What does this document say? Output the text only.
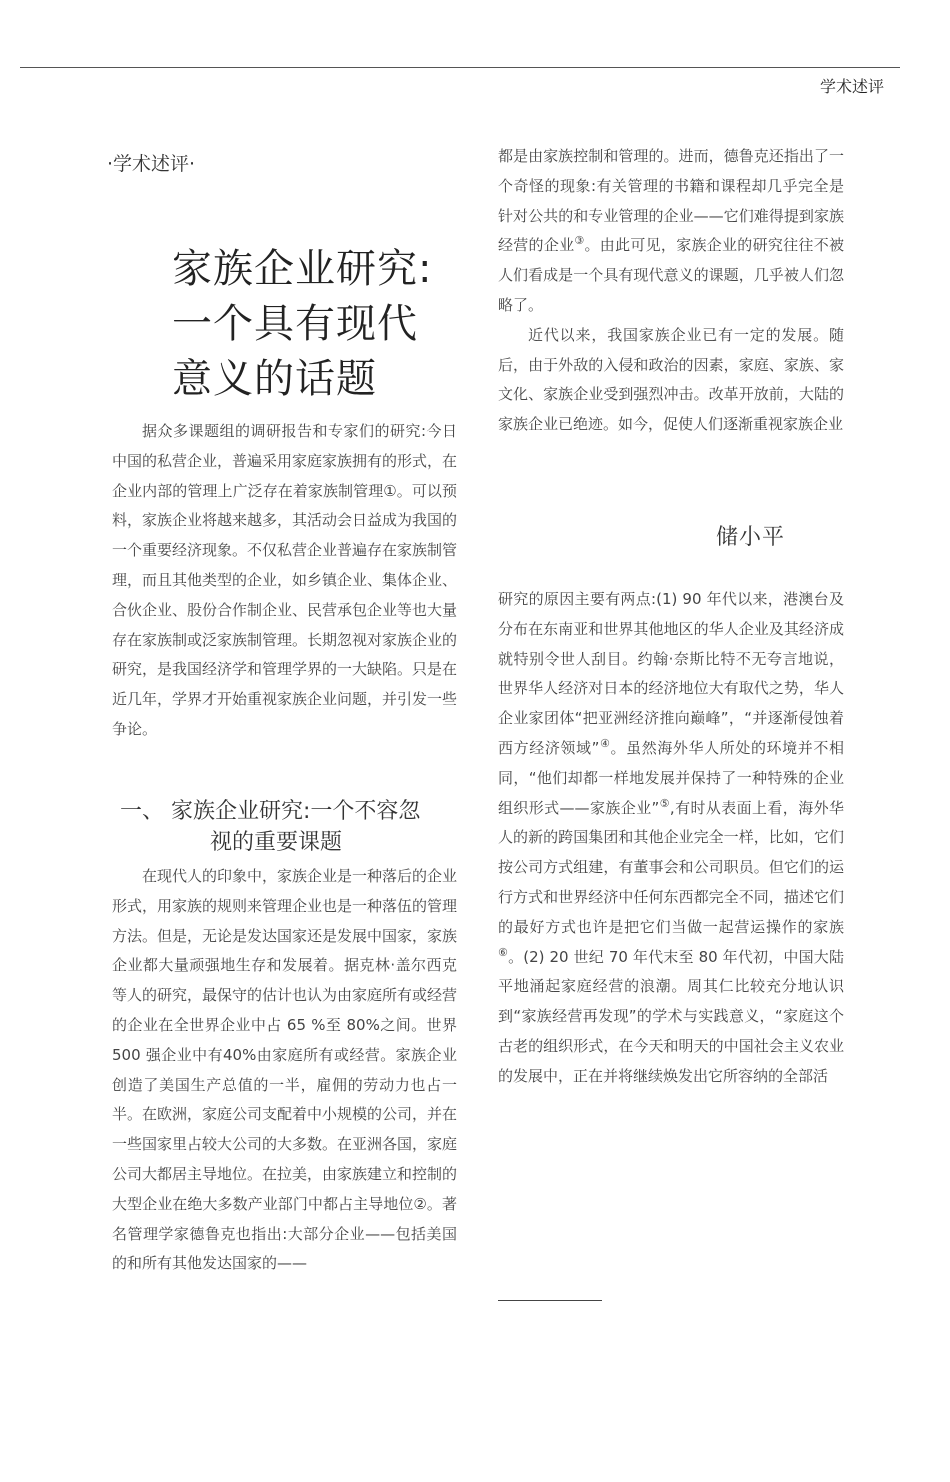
学术述评
·学术述评·
家族企业研究:
一个具有现代
意义的话题

据众多课题组的调研报告和专家们的研究:今日中国的私营企业，普遍采用家庭家族拥有的形式，在企业内部的管理上广泛存在着家族制管理①。可以预料，家族企业将越来越多，其活动会日益成为我国的一个重要经济现象。不仅私营企业普遍存在家族制管理，而且其他类型的企业，如乡镇企业、集体企业、合伙企业、股份合作制企业、民营承包企业等也大量存在家族制或泛家族制管理。长期忽视对家族企业的研究，是我国经济学和管理学界的一大缺陷。只是在近几年，学界才开始重视家族企业问题，并引发一些争论。

一、 家族企业研究:一个不容忽
视的重要课题

在现代人的印象中，家族企业是一种落后的企业形式，用家族的规则来管理企业也是一种落伍的管理方法。但是，无论是发达国家还是发展中国家，家族企业都大量顽强地生存和发展着。据克林·盖尔西克等人的研究，最保守的估计也认为由家庭所有或经营的企业在全世界企业中占 65 %至 80%之间。世界500 强企业中有40%由家庭所有或经营。家族企业创造了美国生产总值的一半，雇佣的劳动力也占一半。在欧洲，家庭公司支配着中小规模的公司，并在一些国家里占较大公司的大多数。在亚洲各国，家庭公司大都居主导地位。在拉美，由家族建立和控制的大型企业在绝大多数产业部门中都占主导地位②。著名管理学家德鲁克也指出:大部分企业——包括美国的和所有其他发达国家的——

都是由家族控制和管理的。进而，德鲁克还指出了一个奇怪的现象:有关管理的书籍和课程却几乎完全是针对公共的和专业管理的企业——它们难得提到家族经营的企业③。由此可见，家族企业的研究往往不被人们看成是一个具有现代意义的课题，几乎被人们忽略了。

近代以来，我国家族企业已有一定的发展。随后，由于外敌的入侵和政治的因素，家庭、家族、家文化、家族企业受到强烈冲击。改革开放前，大陆的家族企业已绝迹。如今，促使人们逐渐重视家族企业

储小平

研究的原因主要有两点:(1) 90 年代以来，港澳台及分布在东南亚和世界其他地区的华人企业及其经济成就特别令世人刮目。约翰·奈斯比特不无夸言地说，世界华人经济对日本的经济地位大有取代之势，华人企业家团体“把亚洲经济推向巅峰”，“并逐渐侵蚀着西方经济领域”④。虽然海外华人所处的环境并不相同，“他们却都一样地发展并保持了一种特殊的企业组织形式——家族企业”⑤,有时从表面上看，海外华人的新的跨国集团和其他企业完全一样，比如，它们按公司方式组建，有董事会和公司职员。但它们的运行方式和世界经济中任何东西都完全不同，描述它们的最好方式也许是把它们当做一起营运操作的家族⑥。(2) 20 世纪 70 年代末至 80 年代初，中国大陆平地涌起家庭经营的浪潮。周其仁比较充分地认识到“家族经营再发现”的学术与实践意义，“家庭这个古老的组织形式，在今天和明天的中国社会主义农业的发展中，正在并将继续焕发出它所容纳的全部活
